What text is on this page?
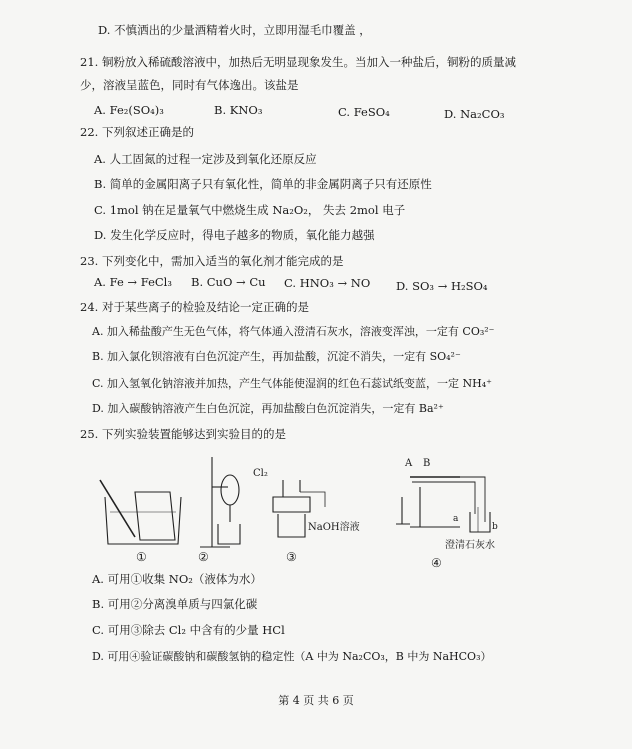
D. 不慎洒出的少量酒精着火时，立即用湿毛巾覆盖 ，
21. 铜粉放入稀硫酸溶液中，加热后无明显现象发生。当加入一种盐后，铜粉的质量减
少，溶液呈蓝色，同时有气体逸出。该盐是
A. Fe₂(SO₄)₃	B. KNO₃	C. FeSO₄	D. Na₂CO₃
22. 下列叙述正确是的
A. 人工固氮的过程一定涉及到氧化还原反应
B. 简单的金属阳离子只有氧化性，简单的非金属阴离子只有还原性
C. 1mol 钠在足量氧气中燃烧生成 Na₂O₂， 失去 2mol 电子
D. 发生化学反应时，得电子越多的物质，氧化能力越强
23. 下列变化中，需加入适当的氧化剂才能完成的是
A. Fe → FeCl₃ B. CuO → Cu C. HNO₃ → NO D. SO₃ → H₂SO₄
24. 对于某些离子的检验及结论一定正确的是
A. 加入稀盐酸产生无色气体，将气体通入澄清石灰水，溶液变浑浊，一定有 CO₃²⁻
B. 加入氯化钡溶液有白色沉淀产生，再加盐酸，沉淀不消失，一定有 SO₄²⁻
C. 加入氢氧化钠溶液并加热，产生气体能使湿润的红色石蕊试纸变蓝，一定 NH₄⁺
D. 加入碳酸钠溶液产生白色沉淀，再加盐酸白色沉淀消失，一定有 Ba²⁺
25. 下列实验装置能够达到实验目的的是
①	②	③	④
Cl₂
NaOH溶液
澄清石灰水
A B
a
b
A. 可用①收集 NO₂（液体为水）
B. 可用②分离溴单质与四氯化碳
C. 可用③除去 Cl₂ 中含有的少量 HCl
D. 可用④验证碳酸钠和碳酸氢钠的稳定性（A 中为 Na₂CO₃，B 中为 NaHCO₃）
第 4 页 共 6 页
